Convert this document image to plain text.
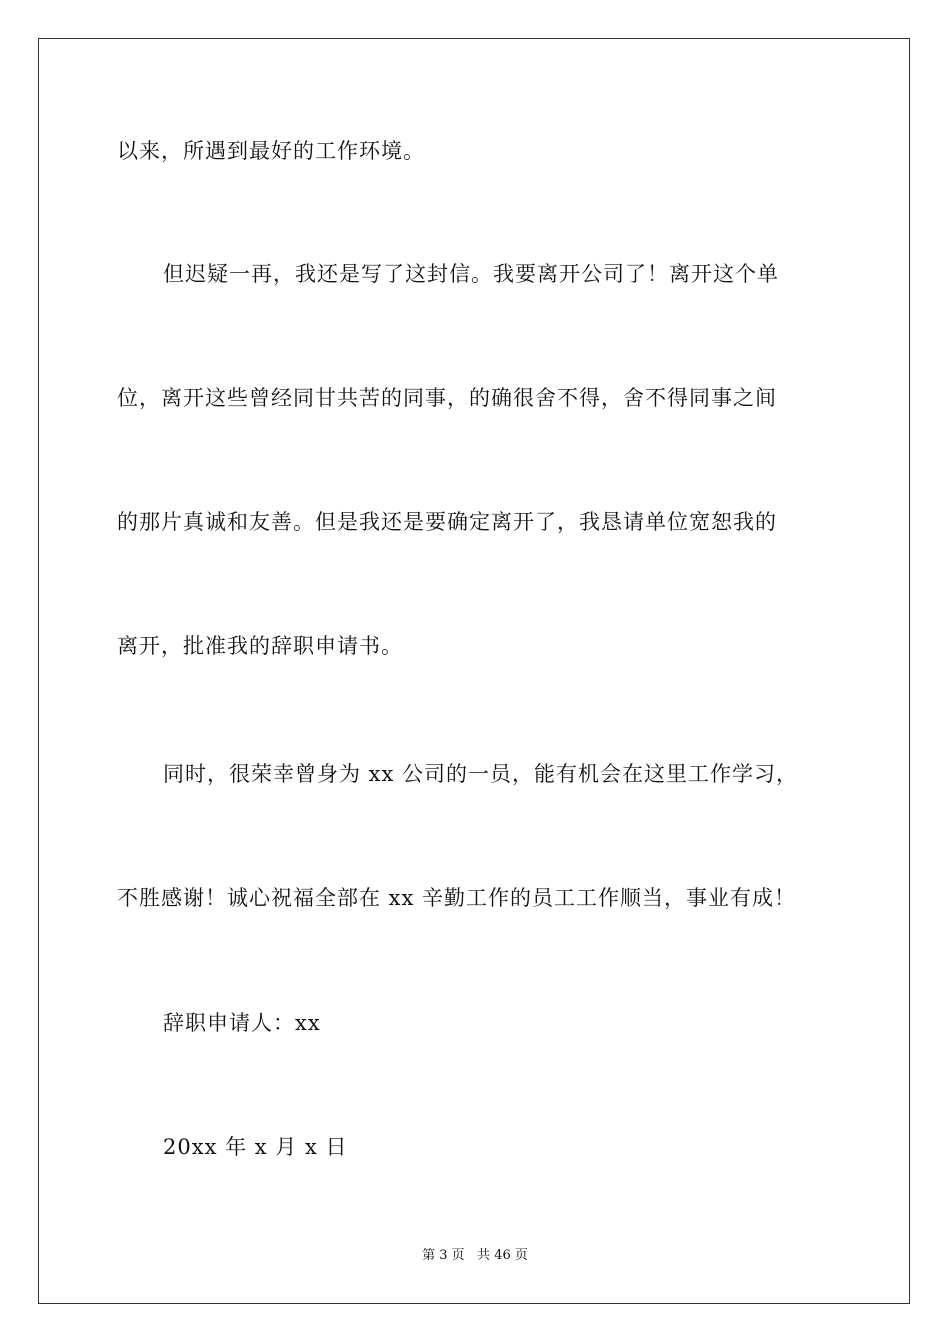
以来，所遇到最好的工作环境。
但迟疑一再，我还是写了这封信。我要离开公司了！离开这个单
位，离开这些曾经同甘共苦的同事，的确很舍不得，舍不得同事之间
的那片真诚和友善。但是我还是要确定离开了，我恳请单位宽恕我的
离开，批准我的辞职申请书。
同时，很荣幸曾身为 xx 公司的一员，能有机会在这里工作学习，
不胜感谢！诚心祝福全部在 xx 辛勤工作的员工工作顺当，事业有成！
辞职申请人：xx
20xx 年 x 月 x 日
第 3 页   共 46 页
